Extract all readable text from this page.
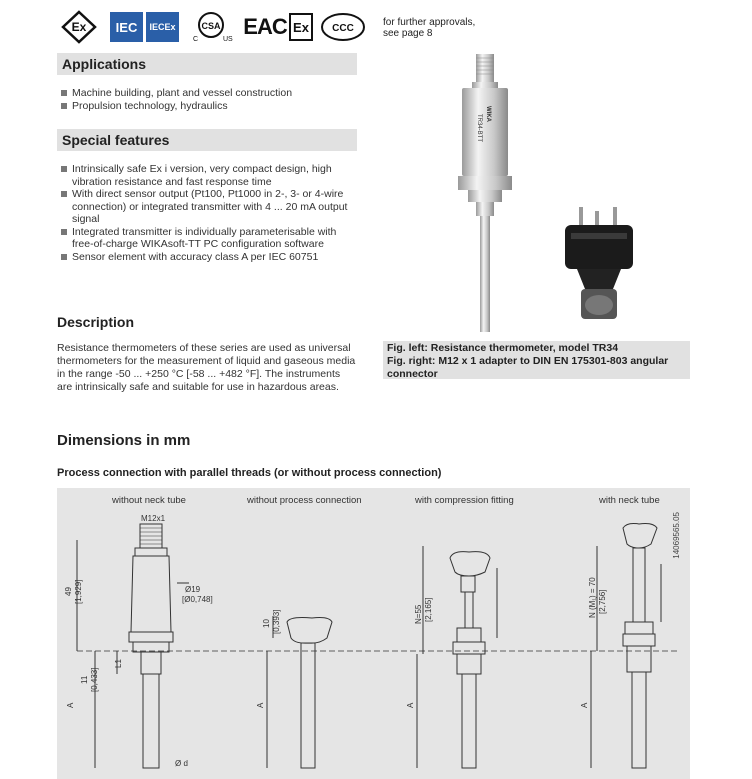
Ex IEC IECEx	CSA
C	US
EAC Ex CCC
for further approvals,
see page 8
Applications
Machine building, plant and vessel construction
Propulsion technology, hydraulics
Special features
Intrinsically safe Ex i version, very compact design, high vibration resistance and fast response time
With direct sensor output (Pt100, Pt1000 in 2-, 3- or 4-wire connection) or integrated transmitter with 4 ... 20 mA output signal
Integrated transmitter is individually parameterisable with free-of-charge WIKAsoft-TT PC configuration software
Sensor element with accuracy class A per IEC 60751
WIKA
TR34-BTT
Description
Resistance thermometers of these series are used as universal thermometers for the measurement of liquid and gaseous media in the range -50 ... +250 °C [-58 ... +482 °F]. The instruments are intrinsically safe and suitable for use in hazardous areas.
Fig. left: Resistance thermometer, model TR34
Fig. right: M12 x 1 adapter to DIN EN 175301-803 angular connector
Dimensions in mm
Process connection with parallel threads (or without process connection)
without neck tube	without process connection	with compression fitting	with neck tube
14069565.05
M12x1
49 [1,929]	Ø19
[Ø0,748]
L1
11 [0,433]
A
Ø d
10 [0,393]
A
N=55 [2,165]
A
N (M₁) = 70 [2,756]
A
